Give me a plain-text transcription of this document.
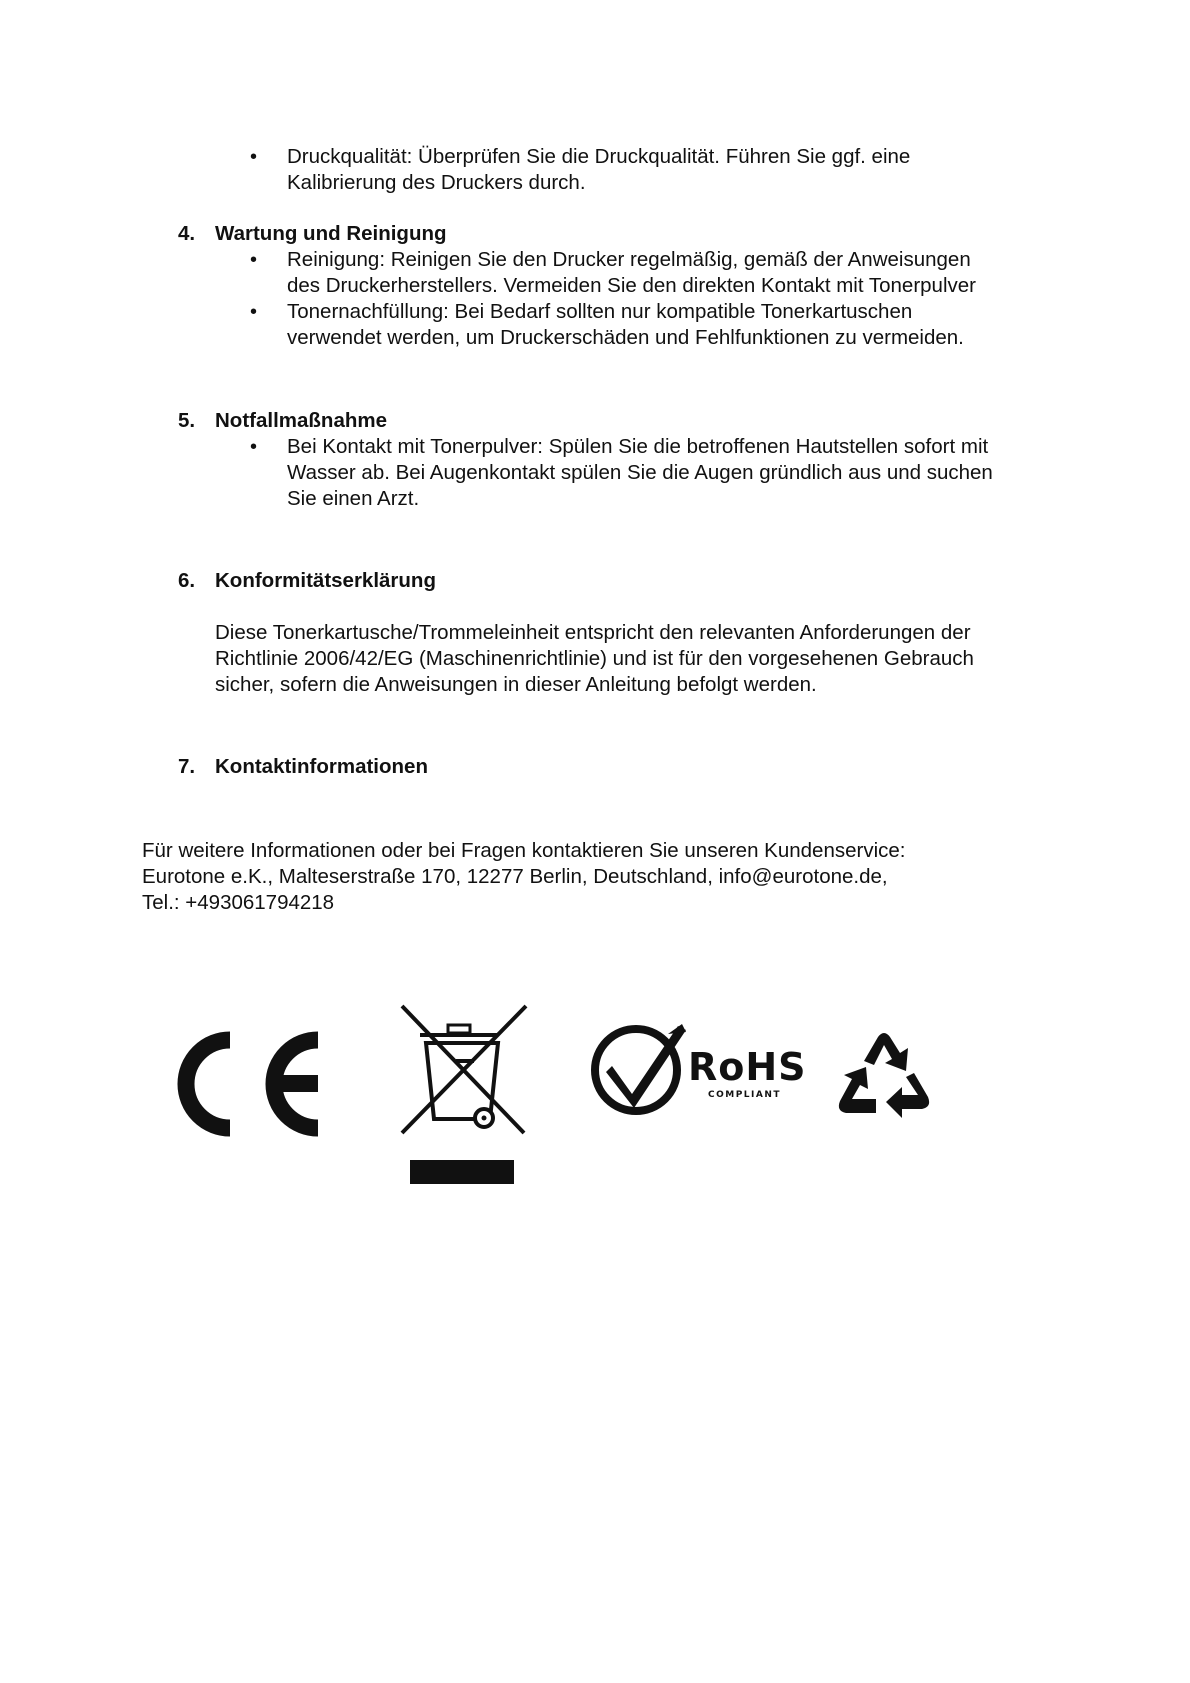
• Druckqualität: Überprüfen Sie die Druckqualität. Führen Sie ggf. eine
Kalibrierung des Druckers durch.
4. Wartung und Reinigung
• Reinigung: Reinigen Sie den Drucker regelmäßig, gemäß der Anweisungen
des Druckerherstellers. Vermeiden Sie den direkten Kontakt mit Tonerpulver
• Tonernachfüllung: Bei Bedarf sollten nur kompatible Tonerkartuschen
verwendet werden, um Druckerschäden und Fehlfunktionen zu vermeiden.
5. Notfallmaßnahme
• Bei Kontakt mit Tonerpulver: Spülen Sie die betroffenen Hautstellen sofort mit
Wasser ab. Bei Augenkontakt spülen Sie die Augen gründlich aus und suchen
Sie einen Arzt.
6. Konformitätserklärung
Diese Tonerkartusche/Trommeleinheit entspricht den relevanten Anforderungen der
Richtlinie 2006/42/EG (Maschinenrichtlinie) und ist für den vorgesehenen Gebrauch
sicher, sofern die Anweisungen in dieser Anleitung befolgt werden.
7. Kontaktinformationen
Für weitere Informationen oder bei Fragen kontaktieren Sie unseren Kundenservice:
Eurotone e.K., Malteserstraße 170, 12277 Berlin, Deutschland, info@eurotone.de,
Tel.: +493061794218
RoHS
COMPLIANT
